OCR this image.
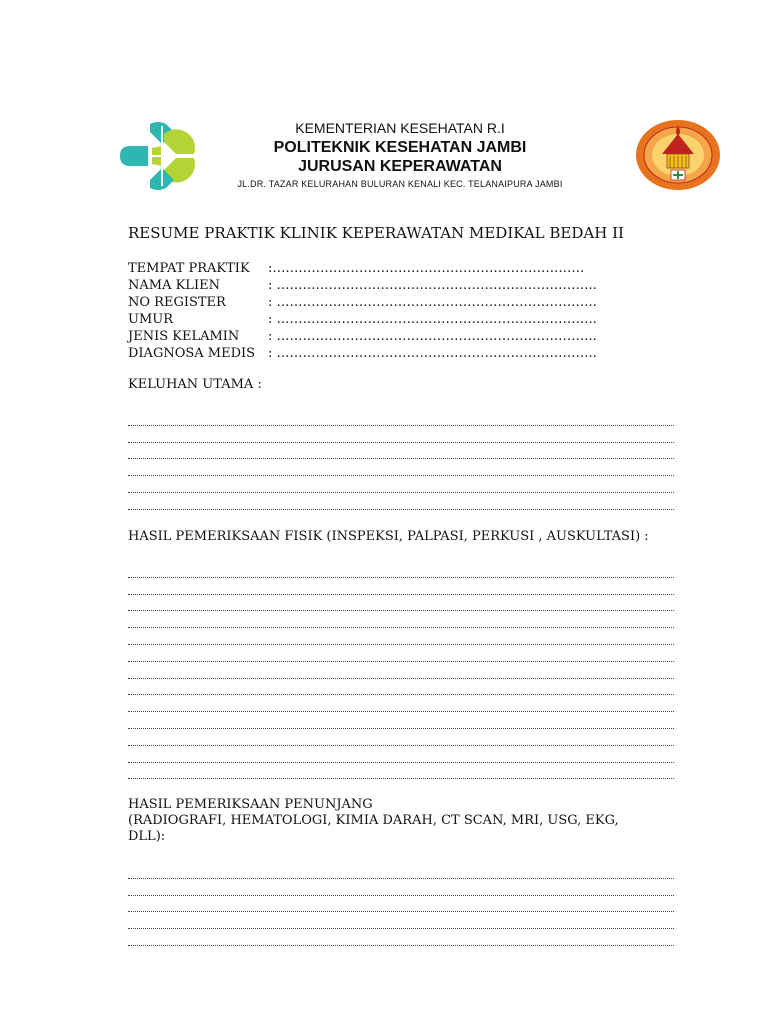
KEMENTERIAN KESEHATAN R.I
POLITEKNIK KESEHATAN JAMBI
JURUSAN KEPERAWATAN
JL.DR. TAZAR KELURAHAN BULURAN KENALI KEC. TELANAIPURA JAMBI
RESUME PRAKTIK KLINIK KEPERAWATAN MEDIKAL BEDAH II
TEMPAT PRAKTIK	:………………………………………………………………
NAMA KLIEN	: ………………………………………………………………..
NO REGISTER	: ………………………………………………………………..
UMUR	: ………………………………………………………………..
JENIS KELAMIN	: ………………………………………………………………..
DIAGNOSA MEDIS : ………………………………………………………………..
KELUHAN UTAMA :
HASIL PEMERIKSAAN FISIK (INSPEKSI, PALPASI, PERKUSI , AUSKULTASI) :
HASIL PEMERIKSAAN PENUNJANG
(RADIOGRAFI, HEMATOLOGI, KIMIA DARAH, CT SCAN, MRI, USG, EKG,
DLL):
